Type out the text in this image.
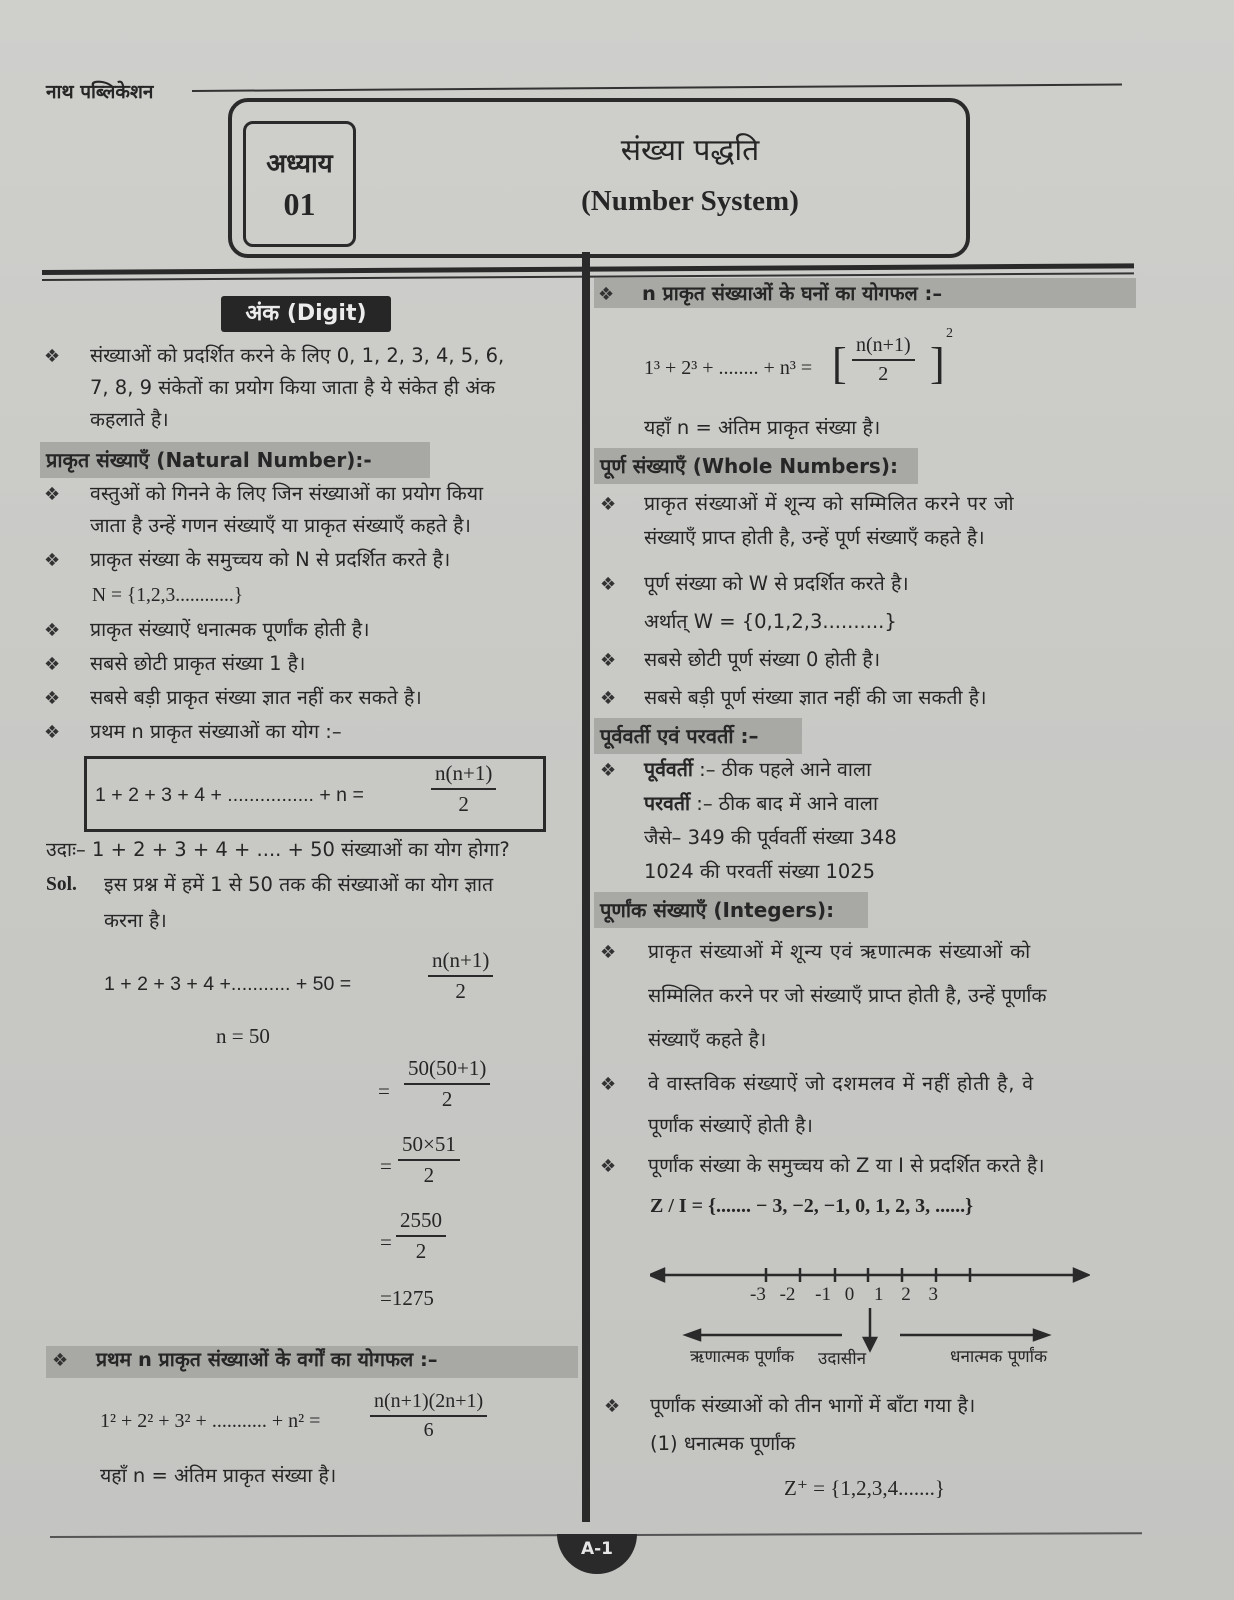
नाथ पब्लिकेशन
अध्याय
01
संख्या पद्धति
(Number System)
अंक (Digit)
❖ संख्याओं को प्रदर्शित करने के लिए 0, 1, 2, 3, 4, 5, 6,
7, 8, 9 संकेतों का प्रयोग किया जाता है ये संकेत ही अंक
कहलाते है।
प्राकृत संख्याएँ (Natural Number):-
❖ वस्तुओं को गिनने के लिए जिन संख्याओं का प्रयोग किया
जाता है उन्हें गणन संख्याएँ या प्राकृत संख्याएँ कहते है।
❖ प्राकृत संख्या के समुच्चय को N से प्रदर्शित करते है।
N = {1,2,3............}
❖ प्राकृत संख्याऐं धनात्मक पूर्णांक होती है।
❖ सबसे छोटी प्राकृत संख्या 1 है।
❖ सबसे बड़ी प्राकृत संख्या ज्ञात नहीं कर सकते है।
❖ प्रथम n प्राकृत संख्याओं का योग :–
1 + 2 + 3 + 4 + ................ + n =	$\frac{n(n+1)}{2}$
उदाः– 1 + 2 + 3 + 4 + .... + 50 संख्याओं का योग होगा?
Sol. इस प्रश्न में हमें 1 से 50 तक की संख्याओं का योग ज्ञात
करना है।
1 + 2 + 3 + 4 +........... + 50 =	$\frac{n(n+1)}{2}$
n = 50
= $\frac{50(50+1)}{2}$
= $\frac{50\times 51}{2}$
= $\frac{2550}{2}$
=1275
❖ प्रथम n प्राकृत संख्याओं के वर्गों का योगफल :–
1² + 2² + 3² + ........... + $n^2 = \frac{n(n+1)(2n+1)}{6}$
यहाँ n = अंतिम प्राकृत संख्या है।
❖ n प्राकृत संख्याओं के घनों का योगफल :–
1³ + 2³ + ........ + n³ = [ $\frac{n(n+1)}{2}$ ]
2
यहाँ n = अंतिम प्राकृत संख्या है।
पूर्ण संख्याएँ (Whole Numbers):
❖ प्राकृत संख्याओं में शून्य को सम्मिलित करने पर जो
संख्याएँ प्राप्त होती है, उन्हें पूर्ण संख्याएँ कहते है।
❖ पूर्ण संख्या को W से प्रदर्शित करते है।
अर्थात् W = {0,1,2,3..........}
❖ सबसे छोटी पूर्ण संख्या 0 होती है।
❖ सबसे बड़ी पूर्ण संख्या ज्ञात नहीं की जा सकती है।
पूर्ववर्ती एवं परवर्ती :–
❖ पूर्ववर्ती :– ठीक पहले आने वाला
परवर्ती :– ठीक बाद में आने वाला
जैसे– 349 की पूर्ववर्ती संख्या 348
1024 की परवर्ती संख्या 1025
पूर्णांक संख्याएँ (Integers):
❖ प्राकृत संख्याओं में शून्य एवं ऋणात्मक संख्याओं को
सम्मिलित करने पर जो संख्याएँ प्राप्त होती है, उन्हें पूर्णांक
संख्याएँ कहते है।
❖ वे वास्तविक संख्याऐं जो दशमलव में नहीं होती है, वे
पूर्णांक संख्याऐं होती है।
❖ पूर्णांक संख्या के समुच्चय को Z या I से प्रदर्शित करते है।
Z / I = {....... − 3, −2, −1, 0, 1, 2, 3, ......}
-3 -2 -1 0 1 2 3
ऋणात्मक पूर्णांक उदासीन	धनात्मक पूर्णांक
❖ पूर्णांक संख्याओं को तीन भागों में बाँटा गया है।
(1) धनात्मक पूर्णांक
Z⁺ = {1,2,3,4.......}
A-1
